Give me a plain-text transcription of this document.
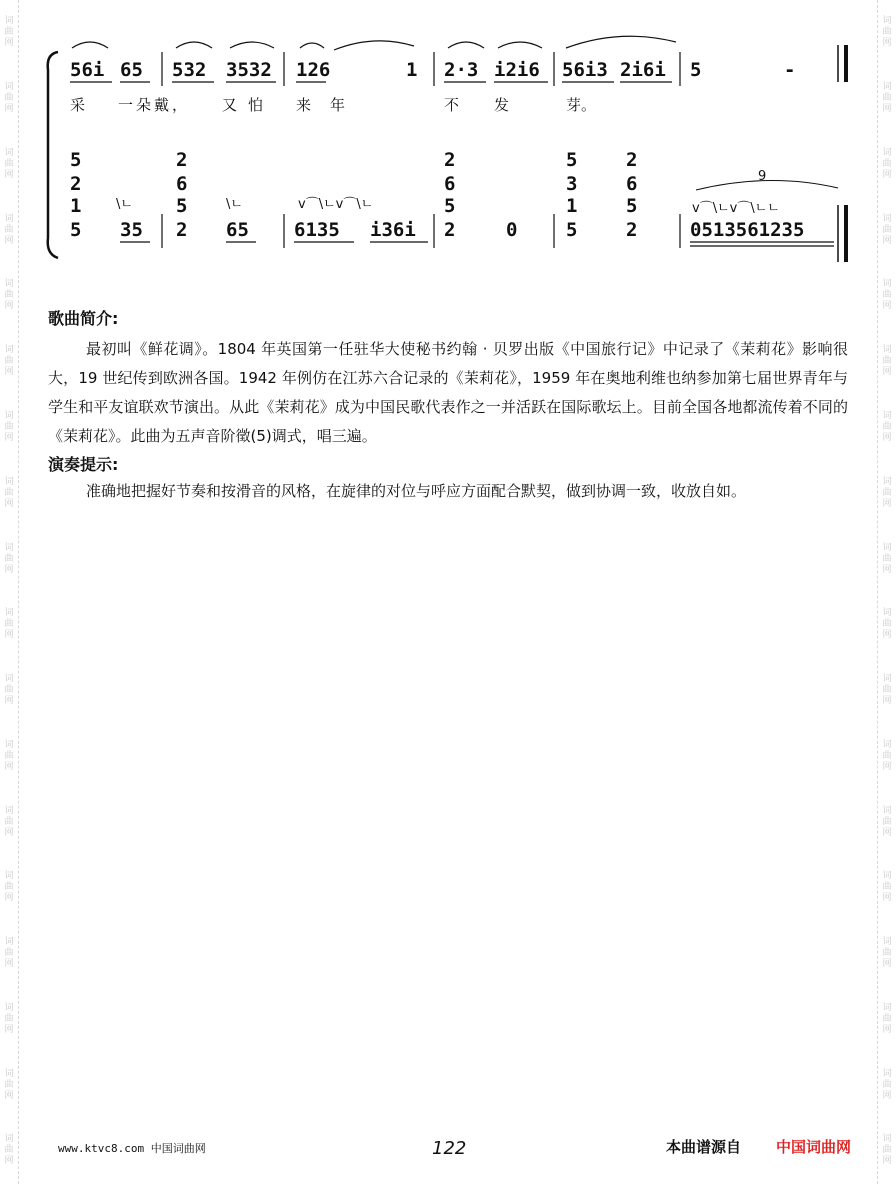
词
曲
网
词
曲
网
词
曲
网
词
曲
网
词
曲
网
词
曲
网
词
曲
网
词
曲
网
词
曲
网
词
曲
网
词
曲
网
词
曲
网
词
曲
网
词
曲
网
词
曲
网
词
曲
网
词
曲
网
词
曲
网
词
曲
网
词
曲
网
词
曲
网
词
曲
网
词
曲
网
词
曲
网
词
曲
网
词
曲
网
词
曲
网
词
曲
网
词
曲
网
词
曲
网
词
曲
网
词
曲
网
词
曲
网
词
曲
网
词
曲
网
词
曲
网
56i 65 532 3532 126	1 2·3 i2i6 56i3 2i6i 5	-
采 一朵戴， 又 怕 来 年	不 发	芽。
5	2	2	5	2
2	6	6	3	6
1	5	5	1	5
\ㄴ	\ㄴ	v⌒\ㄴv⌒\ㄴ	v⌒\ㄴv⌒\ㄴㄴ
9
5 35 2 65 6135 i36i 2	0	5	2	0513561235

歌曲简介:

最初叫《鲜花调》。1804 年英国第一任驻华大使秘书约翰 · 贝罗出版《中国旅行记》中记录了《茉莉花》影响很大，19 世纪传到欧洲各国。1942 年例仿在江苏六合记录的《茉莉花》，1959 年在奥地利维也纳参加第七届世界青年与学生和平友谊联欢节演出。从此《茉莉花》成为中国民歌代表作之一并活跃在国际歌坛上。目前全国各地都流传着不同的《茉莉花》。此曲为五声音阶徵(5)调式，唱三遍。

演奏提示:

准确地把握好节奏和按滑音的风格，在旋律的对位与呼应方面配合默契，做到协调一致，收放自如。

www.ktvc8.com 中国词曲网	122	本曲谱源自 中国词曲网
